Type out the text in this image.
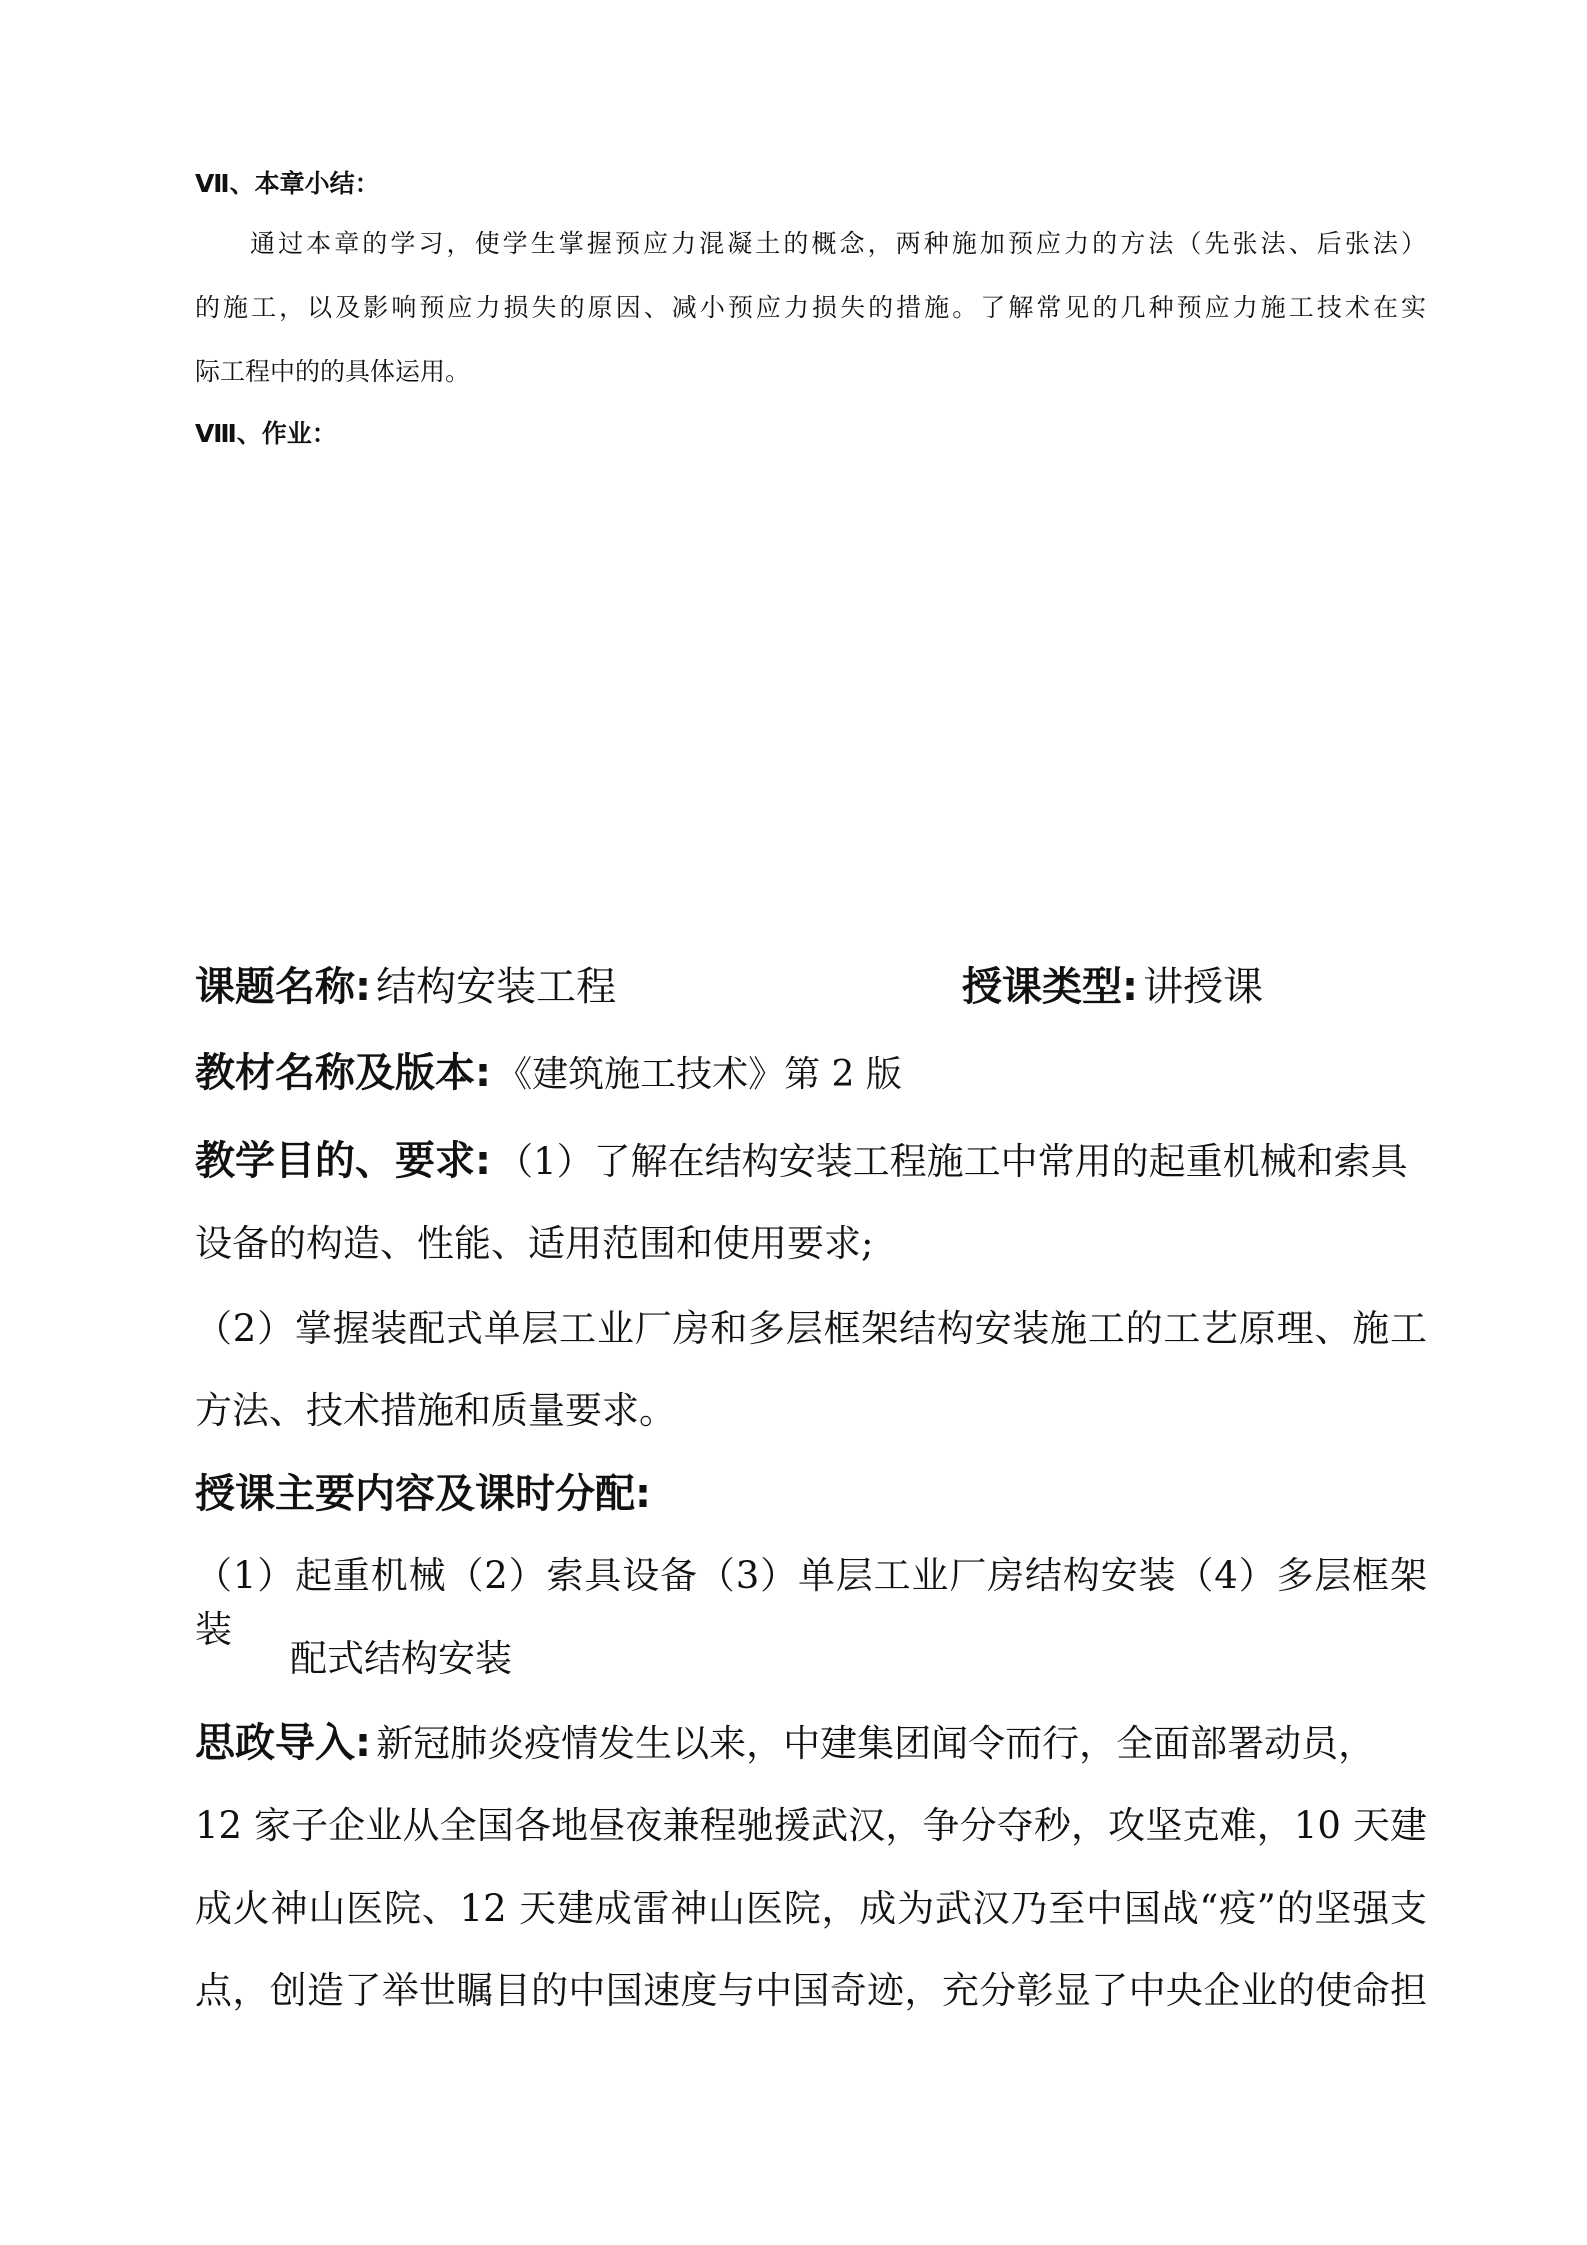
Ⅶ、本章小结：
通过本章的学习，使学生掌握预应力混凝土的概念，两种施加预应力的方法（先张法、后张法）
的施工，以及影响预应力损失的原因、减小预应力损失的措施。了解常见的几种预应力施工技术在实
际工程中的的具体运用。
Ⅷ、作业：
课题名称: 结构安装工程	授课类型: 讲授课
教材名称及版本: 《建筑施工技术》第 2 版
教学目的、要求: （1）了解在结构安装工程施工中常用的起重机械和索具
设备的构造、性能、适用范围和使用要求;
（2）掌握装配式单层工业厂房和多层框架结构安装施工的工艺原理、施工
方法、技术措施和质量要求。
授课主要内容及课时分配:
（1）起重机械（2）索具设备（3）单层工业厂房结构安装（4）多层框架装
配式结构安装
思政导入: 新冠肺炎疫情发生以来，中建集团闻令而行，全面部署动员，
12 家子企业从全国各地昼夜兼程驰援武汉，争分夺秒，攻坚克难，10 天建
成火神山医院、12 天建成雷神山医院，成为武汉乃至中国战“疫”的坚强支
点，创造了举世瞩目的中国速度与中国奇迹，充分彰显了中央企业的使命担
